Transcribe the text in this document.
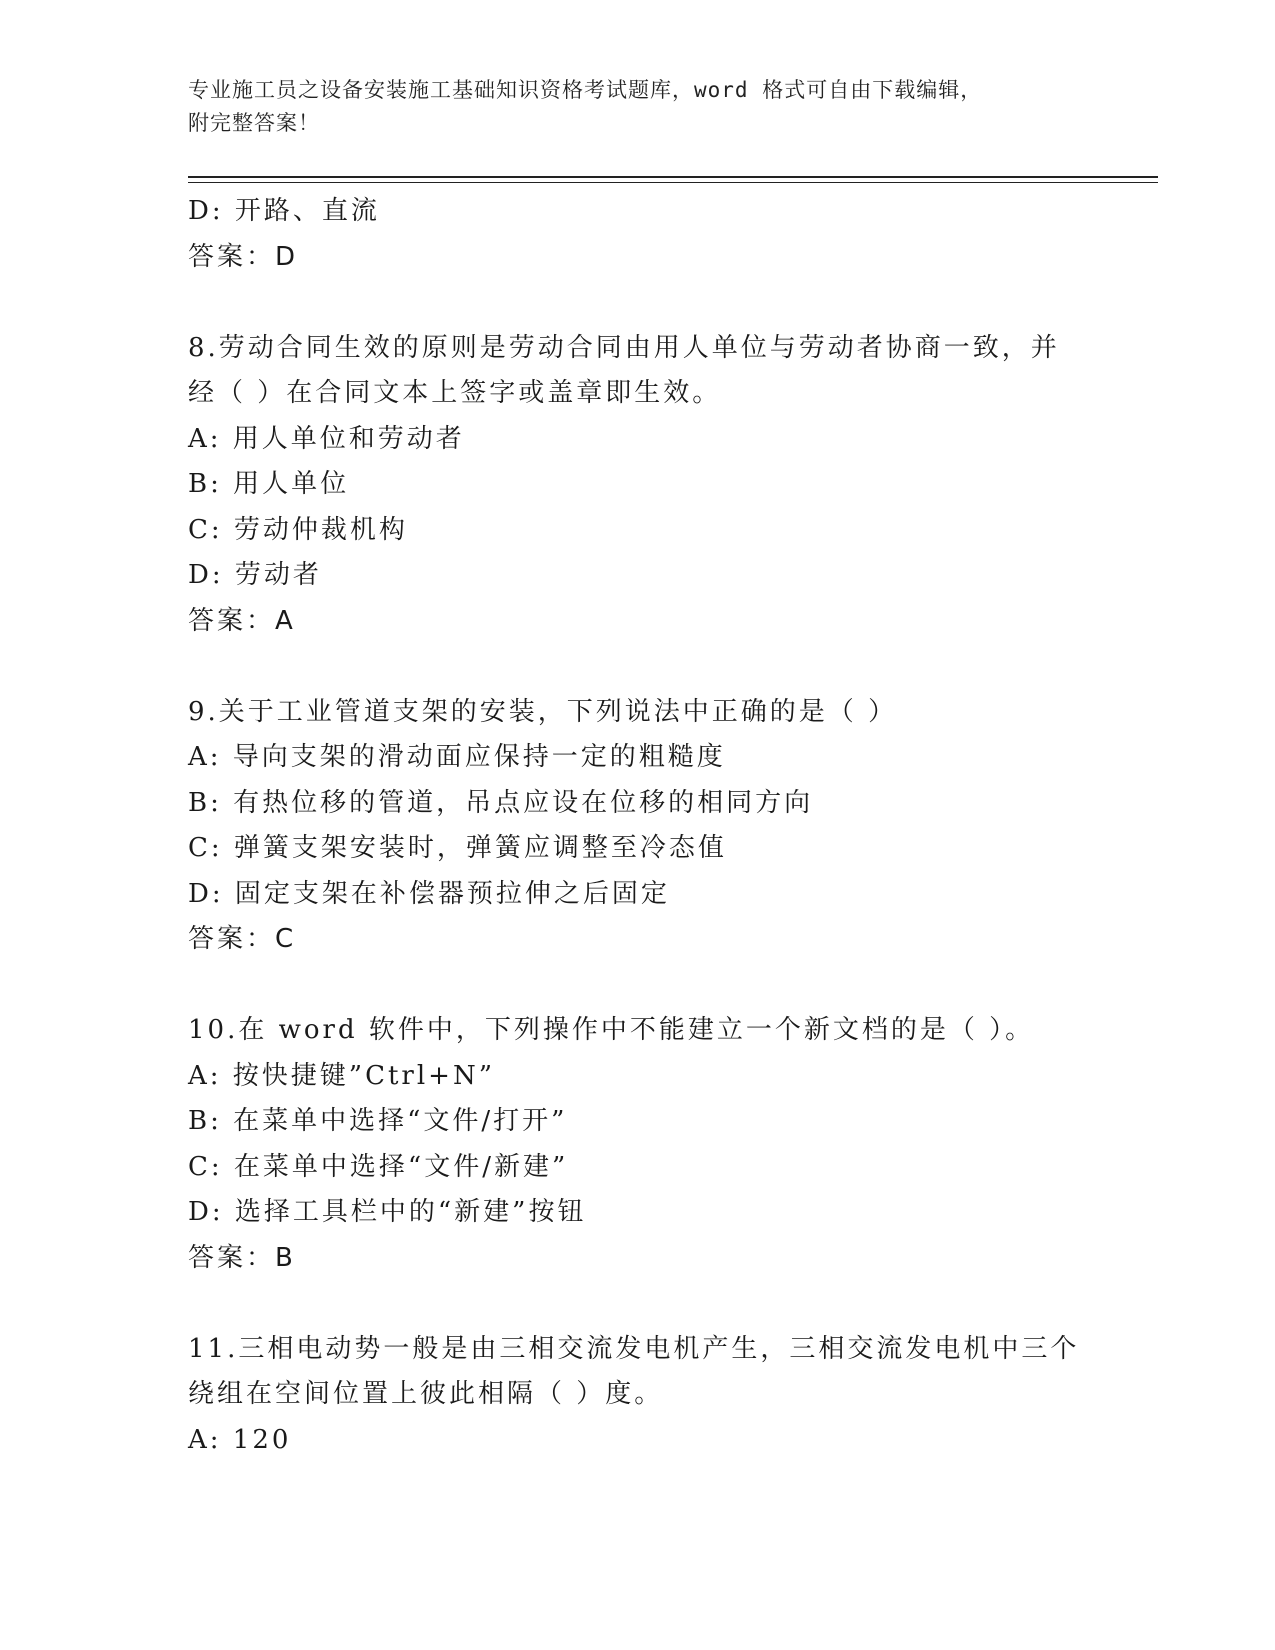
专业施工员之设备安装施工基础知识资格考试题库，word 格式可自由下载编辑，
附完整答案！
D: 开路、直流
答案：D
8.劳动合同生效的原则是劳动合同由用人单位与劳动者协商一致，并
经（ ）在合同文本上签字或盖章即生效。
A: 用人单位和劳动者
B: 用人单位
C: 劳动仲裁机构
D: 劳动者
答案：A
9.关于工业管道支架的安装，下列说法中正确的是（ ）
A: 导向支架的滑动面应保持一定的粗糙度
B: 有热位移的管道，吊点应设在位移的相同方向
C: 弹簧支架安装时，弹簧应调整至冷态值
D: 固定支架在补偿器预拉伸之后固定
答案：C
10.在 word 软件中，下列操作中不能建立一个新文档的是（ ）。
A: 按快捷键”Ctrl+N”
B: 在菜单中选择“文件/打开”
C: 在菜单中选择“文件/新建”
D: 选择工具栏中的“新建”按钮
答案：B
11.三相电动势一般是由三相交流发电机产生，三相交流发电机中三个
绕组在空间位置上彼此相隔（ ）度。
A: 120
